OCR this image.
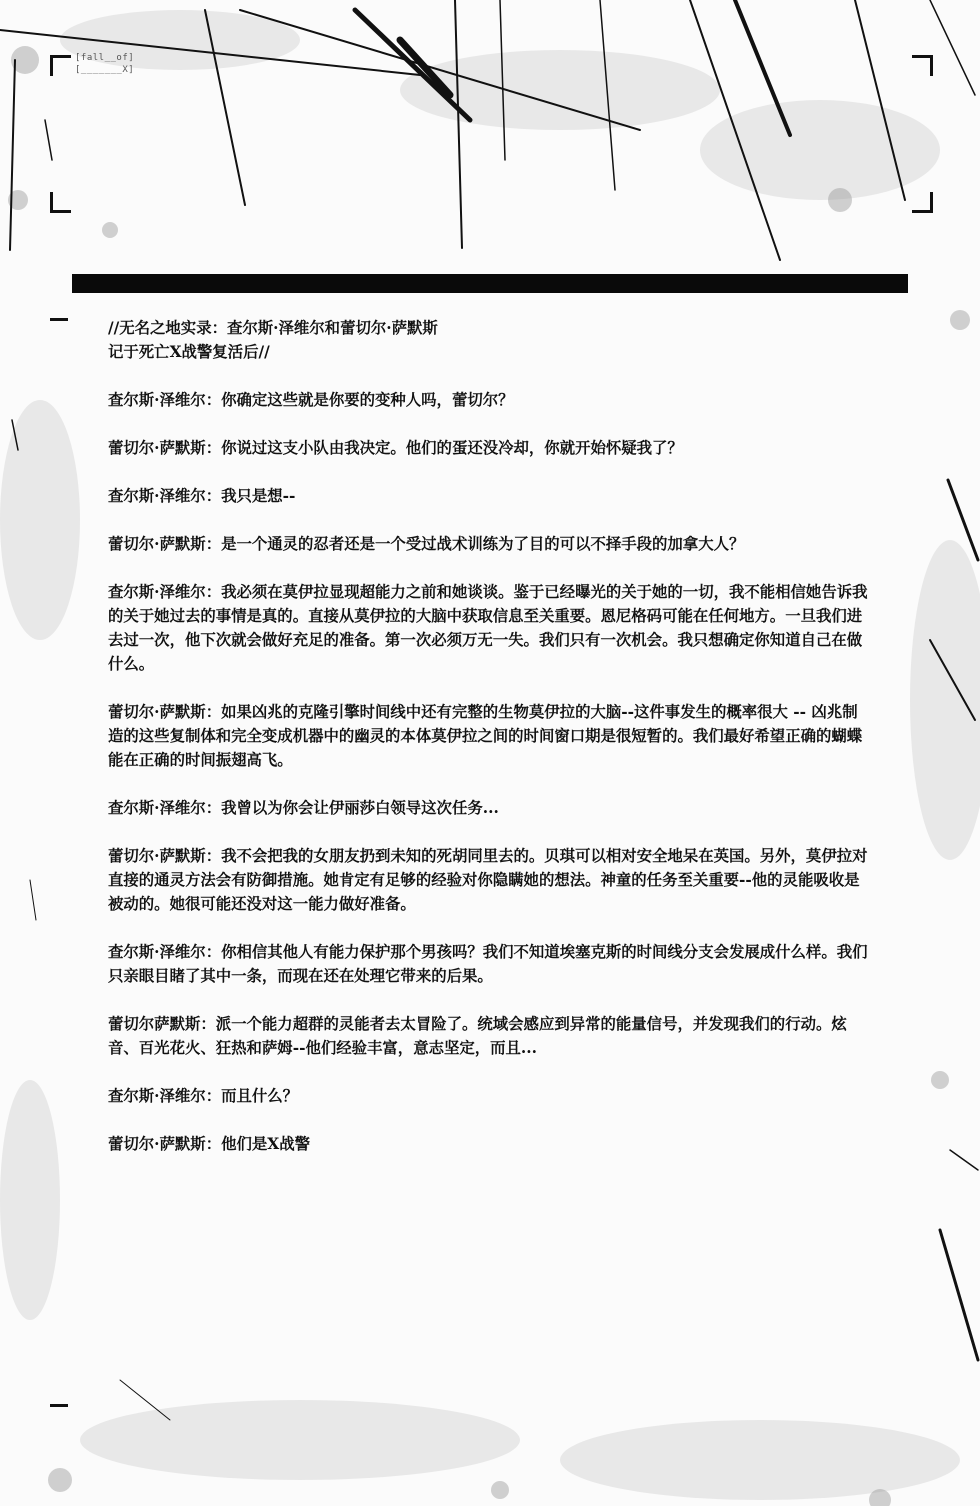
[fall__of]
[_______X]

//无名之地实录：查尔斯·泽维尔和蕾切尔·萨默斯

记于死亡X战警复活后//

查尔斯·泽维尔：你确定这些就是你要的变种人吗，蕾切尔？

蕾切尔·萨默斯：你说过这支小队由我决定。他们的蛋还没冷却，你就开始怀疑我了？

查尔斯·泽维尔：我只是想--

蕾切尔·萨默斯：是一个通灵的忍者还是一个受过战术训练为了目的可以不择手段的加拿大人？

查尔斯·泽维尔：我必须在莫伊拉显现超能力之前和她谈谈。鉴于已经曝光的关于她的一切，我不能相信她告诉我的关于她过去的事情是真的。直接从莫伊拉的大脑中获取信息至关重要。恩尼格码可能在任何地方。一旦我们进去过一次，他下次就会做好充足的准备。第一次必须万无一失。我们只有一次机会。我只想确定你知道自己在做什么。

蕾切尔·萨默斯：如果凶兆的克隆引擎时间线中还有完整的生物莫伊拉的大脑--这件事发生的概率很大 -- 凶兆制造的这些复制体和完全变成机器中的幽灵的本体莫伊拉之间的时间窗口期是很短暂的。我们最好希望正确的蝴蝶能在正确的时间振翅高飞。

查尔斯·泽维尔：我曾以为你会让伊丽莎白领导这次任务...

蕾切尔·萨默斯：我不会把我的女朋友扔到未知的死胡同里去的。贝琪可以相对安全地呆在英国。另外，莫伊拉对直接的通灵方法会有防御措施。她肯定有足够的经验对你隐瞒她的想法。神童的任务至关重要--他的灵能吸收是被动的。她很可能还没对这一能力做好准备。

查尔斯·泽维尔：你相信其他人有能力保护那个男孩吗？我们不知道埃塞克斯的时间线分支会发展成什么样。我们只亲眼目睹了其中一条，而现在还在处理它带来的后果。

蕾切尔萨默斯：派一个能力超群的灵能者去太冒险了。统域会感应到异常的能量信号，并发现我们的行动。炫音、百光花火、狂热和萨姆--他们经验丰富，意志坚定，而且...

查尔斯·泽维尔：而且什么？

蕾切尔·萨默斯：他们是X战警
